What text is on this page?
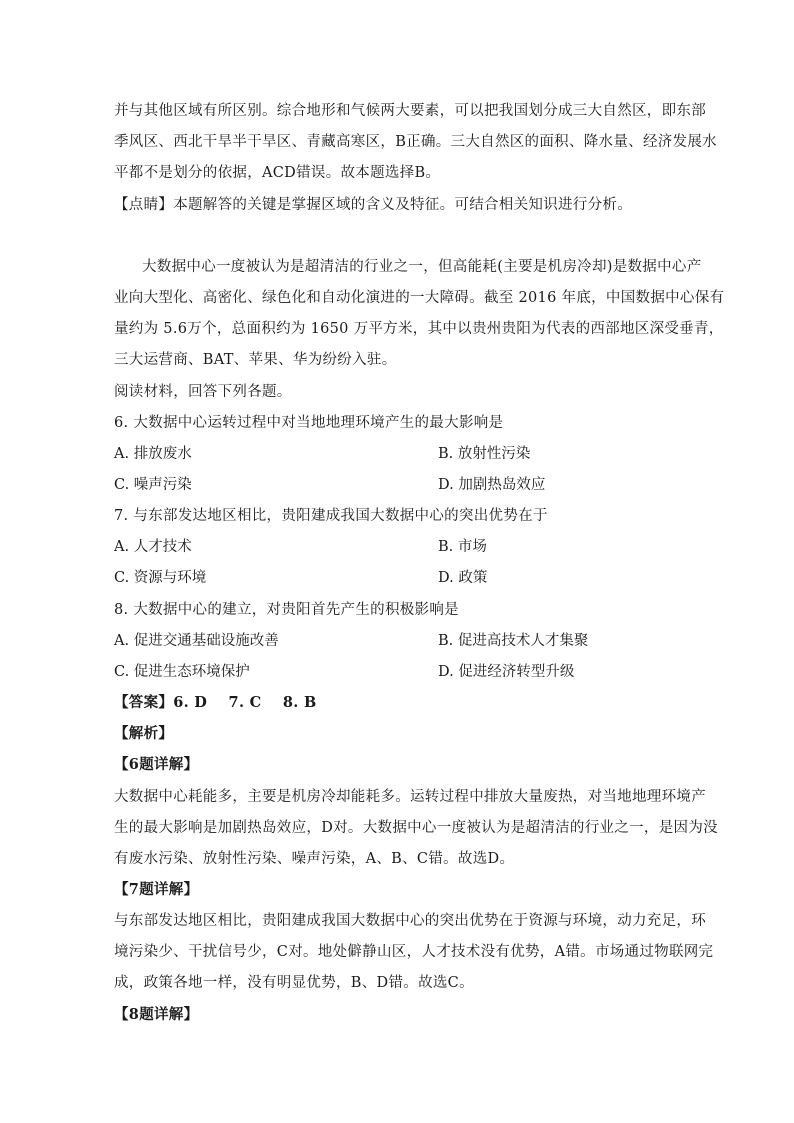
并与其他区域有所区别。综合地形和气候两大要素，可以把我国划分成三大自然区，即东部
季风区、西北干旱半干旱区、青藏高寒区，B正确。三大自然区的面积、降水量、经济发展水
平都不是划分的依据，ACD错误。故本题选择B。
【点睛】本题解答的关键是掌握区域的含义及特征。可结合相关知识进行分析。
大数据中心一度被认为是超清洁的行业之一，但高能耗(主要是机房冷却)是数据中心产
业向大型化、高密化、绿色化和自动化演进的一大障碍。截至 2016 年底，中国数据中心保有
量约为 5.6万个，总面积约为 1650 万平方米，其中以贵州贵阳为代表的西部地区深受垂青，
三大运营商、BAT、苹果、华为纷纷入驻。
阅读材料，回答下列各题。
6. 大数据中心运转过程中对当地地理环境产生的最大影响是
A. 排放废水	B. 放射性污染
C. 噪声污染	D. 加剧热岛效应
7. 与东部发达地区相比，贵阳建成我国大数据中心的突出优势在于
A. 人才技术	B. 市场
C. 资源与环境	D. 政策
8. 大数据中心的建立，对贵阳首先产生的积极影响是
A. 促进交通基础设施改善	B. 促进高技术人才集聚
C. 促进生态环境保护	D. 促进经济转型升级
【答案】6. D    7. C    8. B
【解析】
【6题详解】
大数据中心耗能多，主要是机房冷却能耗多。运转过程中排放大量废热，对当地地理环境产
生的最大影响是加剧热岛效应，D对。大数据中心一度被认为是超清洁的行业之一，是因为没
有废水污染、放射性污染、噪声污染，A、B、C错。故选D。
【7题详解】
与东部发达地区相比，贵阳建成我国大数据中心的突出优势在于资源与环境，动力充足，环
境污染少、干扰信号少，C对。地处僻静山区，人才技术没有优势，A错。市场通过物联网完
成，政策各地一样，没有明显优势，B、D错。故选C。
【8题详解】
